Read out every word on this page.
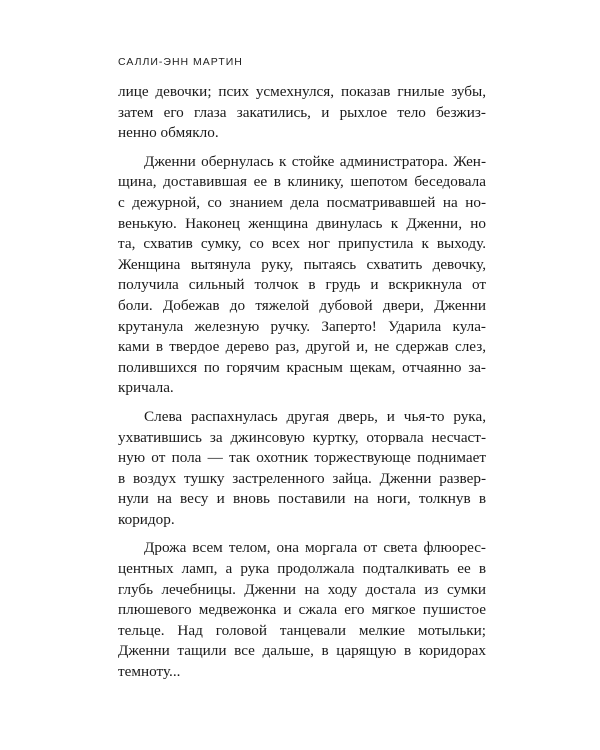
САЛЛИ-ЭНН МАРТИН
лице девочки; псих усмехнулся, показав гнилые зубы,
затем его глаза закатились, и рыхлое тело безжиз-
ненно обмякло.
Дженни обернулась к стойке администратора. Жен-
щина, доставившая ее в клинику, шепотом беседовала
с дежурной, со знанием дела посматривавшей на но-
венькую. Наконец женщина двинулась к Дженни, но
та, схватив сумку, со всех ног припустила к выходу.
Женщина вытянула руку, пытаясь схватить девочку,
получила сильный толчок в грудь и вскрикнула от
боли. Добежав до тяжелой дубовой двери, Дженни
крутанула железную ручку. Заперто! Ударила кула-
ками в твердое дерево раз, другой и, не сдержав слез,
полившихся по горячим красным щекам, отчаянно за-
кричала.
Слева распахнулась другая дверь, и чья-то рука,
ухватившись за джинсовую куртку, оторвала несчаст-
ную от пола — так охотник торжествующе поднимает
в воздух тушку застреленного зайца. Дженни развер-
нули на весу и вновь поставили на ноги, толкнув в
коридор.
Дрожа всем телом, она моргала от света флюорес-
центных ламп, а рука продолжала подталкивать ее в
глубь лечебницы. Дженни на ходу достала из сумки
плюшевого медвежонка и сжала его мягкое пушистое
тельце. Над головой танцевали мелкие мотыльки;
Дженни тащили все дальше, в царящую в коридорах
темноту...
